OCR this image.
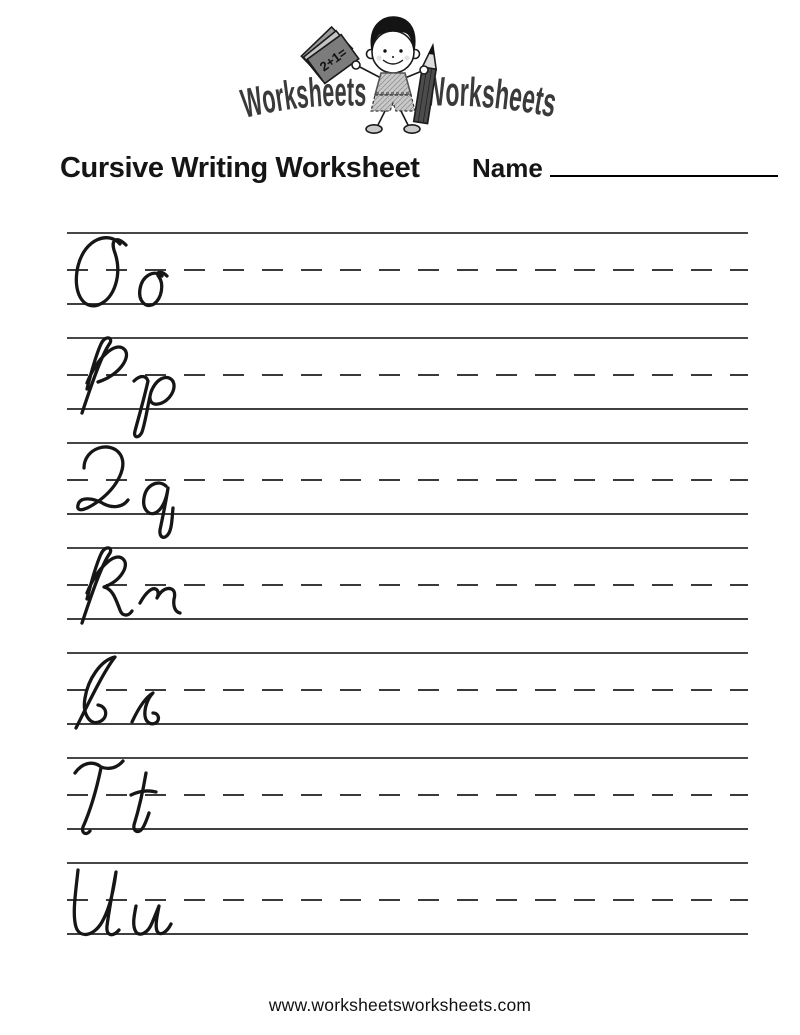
Worksheets Worksheets
2+1=
Cursive Writing Worksheet Name
www.worksheetsworksheets.com
